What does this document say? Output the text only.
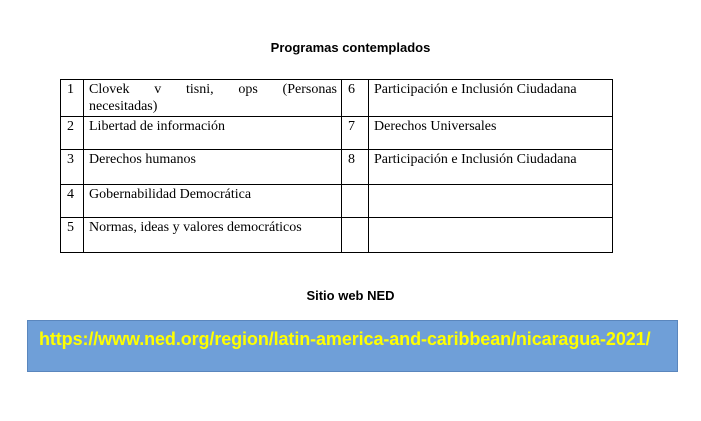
Programas contemplados
1	Clovek v tisni, ops (Personas
necesitadas)	6	Participación e Inclusión Ciudadana
2	Libertad de información	7	Derechos Universales
3	Derechos humanos	8	Participación e Inclusión Ciudadana
4	Gobernabilidad Democrática		
5	Normas, ideas y valores democráticos		
Sitio web NED
https://www.ned.org/region/latin-america-and-caribbean/nicaragua-2021/
